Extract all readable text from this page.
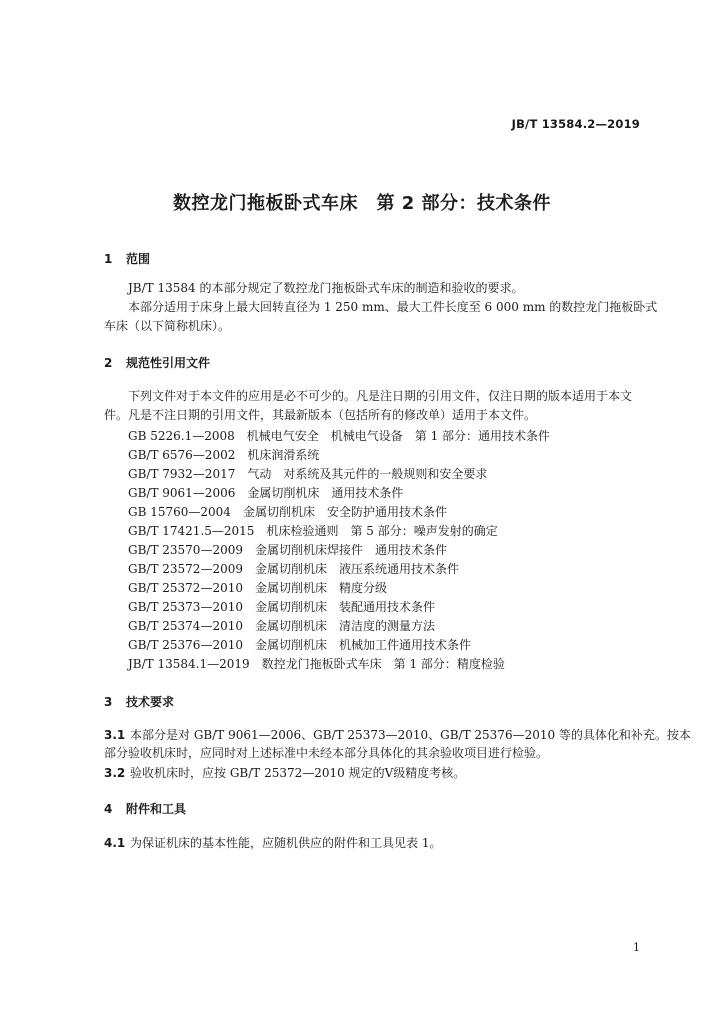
JB/T 13584.2—2019
数控龙门拖板卧式车床　第 2 部分：技术条件
1 范围
JB/T 13584 的本部分规定了数控龙门拖板卧式车床的制造和验收的要求。
本部分适用于床身上最大回转直径为 1 250 mm、最大工件长度至 6 000 mm 的数控龙门拖板卧式
车床（以下简称机床）。
2 规范性引用文件
下列文件对于本文件的应用是必不可少的。凡是注日期的引用文件，仅注日期的版本适用于本文
件。凡是不注日期的引用文件，其最新版本（包括所有的修改单）适用于本文件。
GB 5226.1—2008 机械电气安全　机械电气设备　第 1 部分：通用技术条件
GB/T 6576—2002 机床润滑系统
GB/T 7932—2017 气动　对系统及其元件的一般规则和安全要求
GB/T 9061—2006 金属切削机床　通用技术条件
GB 15760—2004 金属切削机床　安全防护通用技术条件
GB/T 17421.5—2015 机床检验通则　第 5 部分：噪声发射的确定
GB/T 23570—2009 金属切削机床焊接件　通用技术条件
GB/T 23572—2009 金属切削机床　液压系统通用技术条件
GB/T 25372—2010 金属切削机床　精度分级
GB/T 25373—2010 金属切削机床　装配通用技术条件
GB/T 25374—2010 金属切削机床　清洁度的测量方法
GB/T 25376—2010 金属切削机床　机械加工件通用技术条件
JB/T 13584.1—2019 数控龙门拖板卧式车床　第 1 部分：精度检验
3 技术要求
3.1 本部分是对 GB/T 9061—2006、GB/T 25373—2010、GB/T 25376—2010 等的具体化和补充。按本
部分验收机床时，应同时对上述标准中未经本部分具体化的其余验收项目进行检验。
3.2 验收机床时，应按 GB/T 25372—2010 规定的Ⅴ级精度考核。
4 附件和工具
4.1 为保证机床的基本性能，应随机供应的附件和工具见表 1。
1
